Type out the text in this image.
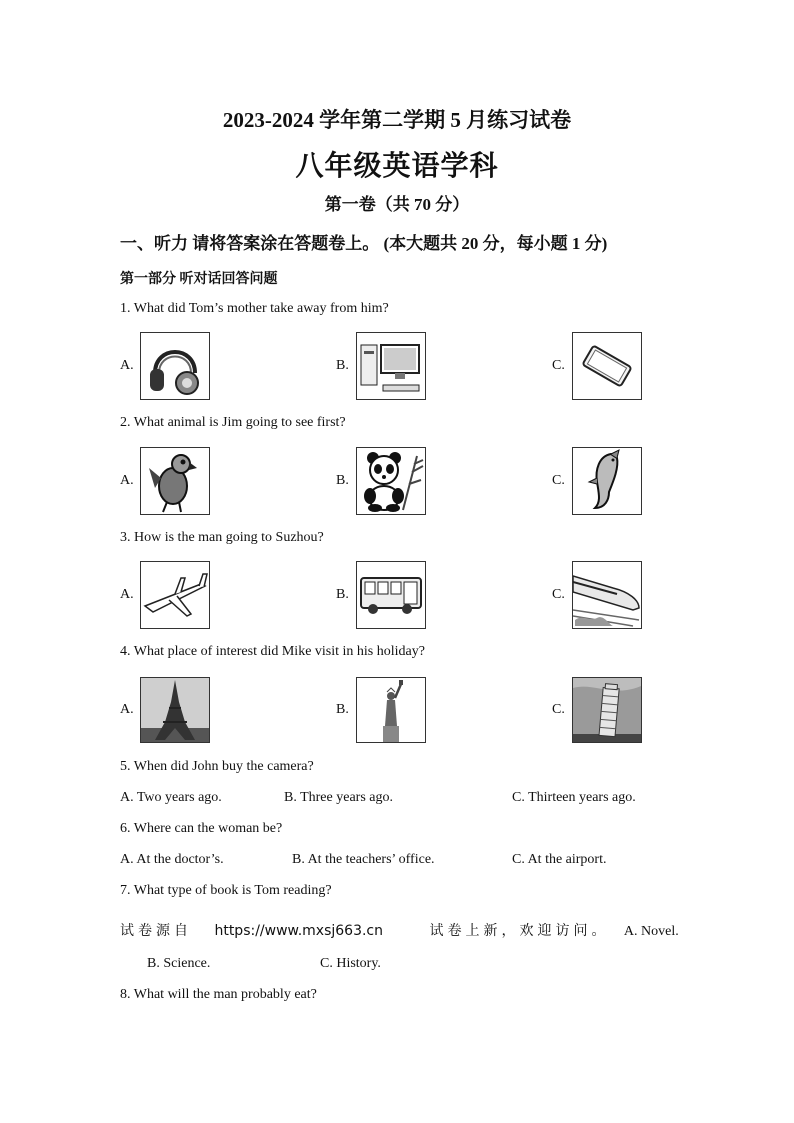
2023-2024 学年第二学期 5 月练习试卷
八年级英语学科
第一卷（共 70 分）
一、听力 请将答案涂在答题卷上。 (本大题共 20 分，每小题 1 分)
第一部分 听对话回答问题
1. What did Tom’s mother take away from him?
A.	B.	C.
2. What animal is Jim going to see first?
A.	B.	C.
3. How is the man going to Suzhou?
A.	B.	C.
4. What place of interest did Mike visit in his holiday?
A.	B.	C.
5. When did John buy the camera?
A. Two years ago.	B. Three years ago.	C. Thirteen years ago.
6. Where can the woman be?
A. At the doctor’s.	B. At the teachers’ office.	C. At the airport.
7. What type of book is Tom reading?
试卷源自 https://www.mxsj663.cn	试卷上新，欢迎访问。 A. Novel.
B. Science.	C. History.
8. What will the man probably eat?
